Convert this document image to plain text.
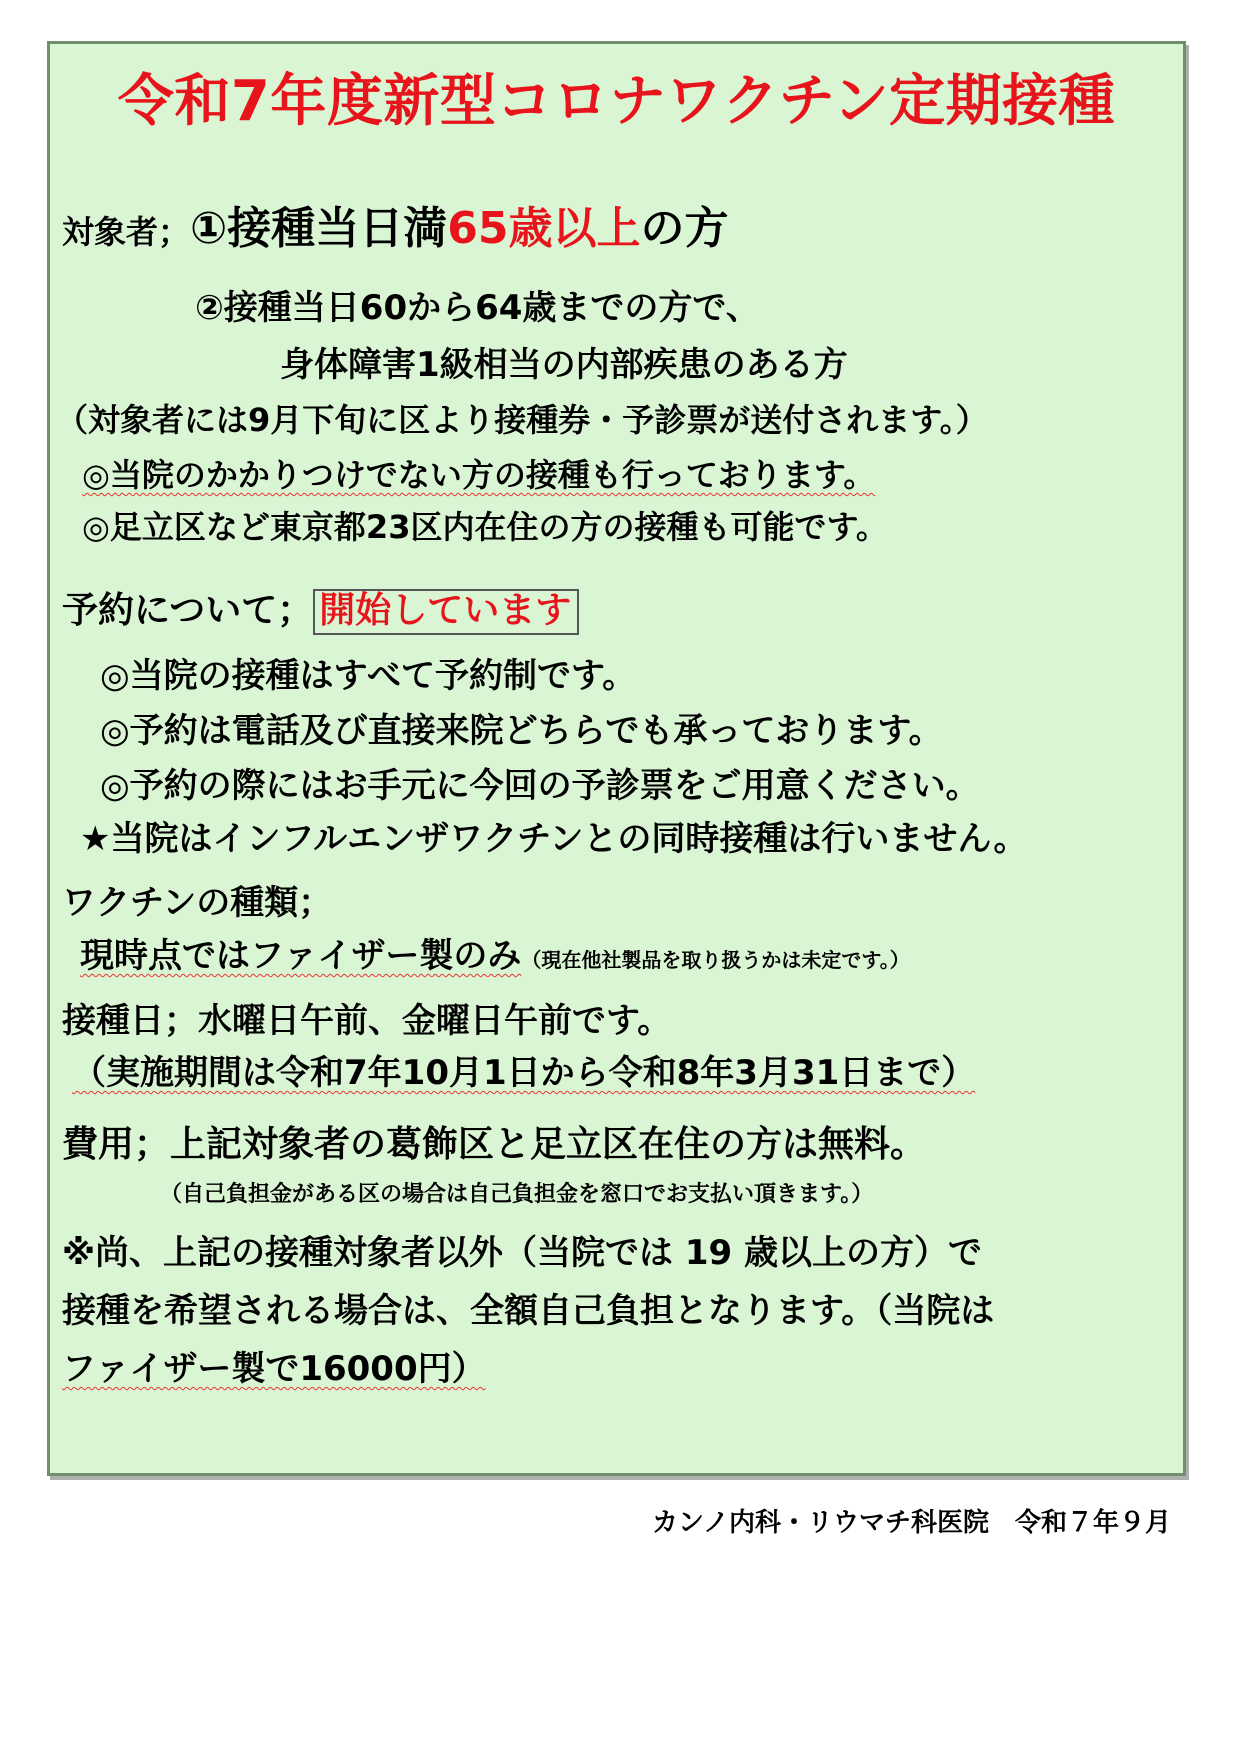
令和7年度新型コロナワクチン定期接種
対象者；①接種当日満65歳以上の方
②接種当日60から64歳までの方で、
身体障害1級相当の内部疾患のある方
（対象者には9月下旬に区より接種券・予診票が送付されます。）
◎当院のかかりつけでない方の接種も行っております。
◎足立区など東京都23区内在住の方の接種も可能です。
予約について； 開始しています
◎当院の接種はすべて予約制です。
◎予約は電話及び直接来院どちらでも承っております。
◎予約の際にはお手元に今回の予診票をご用意ください。
★当院はインフルエンザワクチンとの同時接種は行いません。
ワクチンの種類；
現時点ではファイザー製のみ（現在他社製品を取り扱うかは未定です。）
接種日；水曜日午前、金曜日午前です。
（実施期間は令和7年10月1日から令和8年3月31日まで）
費用；上記対象者の葛飾区と足立区在住の方は無料。
（自己負担金がある区の場合は自己負担金を窓口でお支払い頂きます。）
※尚、上記の接種対象者以外（当院では 19 歳以上の方）で
接種を希望される場合は、全額自己負担となります。（当院は
ファイザー製で16000円）
カンノ内科・リウマチ科医院　令和７年９月
